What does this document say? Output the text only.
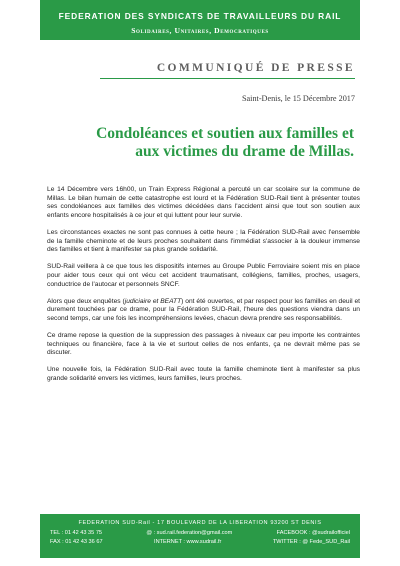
FEDERATION DES SYNDICATS DE TRAVAILLEURS DU RAIL
Solidaires, Unitaires, Democratiques
COMMUNIQUÉ DE PRESSE
Saint-Denis, le 15 Décembre 2017
Condoléances et soutien aux familles et
aux victimes du drame de Millas.

Le 14 Décembre vers 16h00, un Train Express Régional a percuté un car scolaire sur la commune de Millas. Le bilan humain de cette catastrophe est lourd et la Fédération SUD-Rail tient à présenter toutes ses condoléances aux familles des victimes décédées dans l'accident ainsi que tout son soutien aux enfants encore hospitalisés à ce jour et qui luttent pour leur survie.

Les circonstances exactes ne sont pas connues à cette heure ; la Fédération SUD-Rail avec l'ensemble de la famille cheminote et de leurs proches souhaitent dans l'immédiat s'associer à la douleur immense des familles et tient à manifester sa plus grande solidarité.

SUD-Rail veillera à ce que tous les dispositifs internes au Groupe Public Ferroviaire soient mis en place pour aider tous ceux qui ont vécu cet accident traumatisant, collégiens, familles, proches, usagers, conductrice de l'autocar et personnels SNCF.

Alors que deux enquêtes (judiciaire et BEATT) ont été ouvertes, et par respect pour les familles en deuil et durement touchées par ce drame, pour la Fédération SUD-Rail, l'heure des questions viendra dans un second temps, car une fois les incompréhensions levées, chacun devra prendre ses responsabilités.

Ce drame repose la question de la suppression des passages à niveaux car peu importe les contraintes techniques ou financière, face à la vie et surtout celles de nos enfants, ça ne devrait même pas se discuter.

Une nouvelle fois, la Fédération SUD-Rail avec toute la famille cheminote tient à manifester sa plus grande solidarité envers les victimes, leurs familles, leurs proches.

FEDERATION SUD-Rail - 17 BOULEVARD DE LA LIBERATION 93200 ST DENIS
TEL : 01 42 43 35 75	@ : sud.rail.federation@gmail.com	FACEBOOK : @sudrailofficiel
FAX : 01 42 43 36 67	INTERNET : www.sudrail.fr	TWITTER : @ Fede_SUD_Rail
